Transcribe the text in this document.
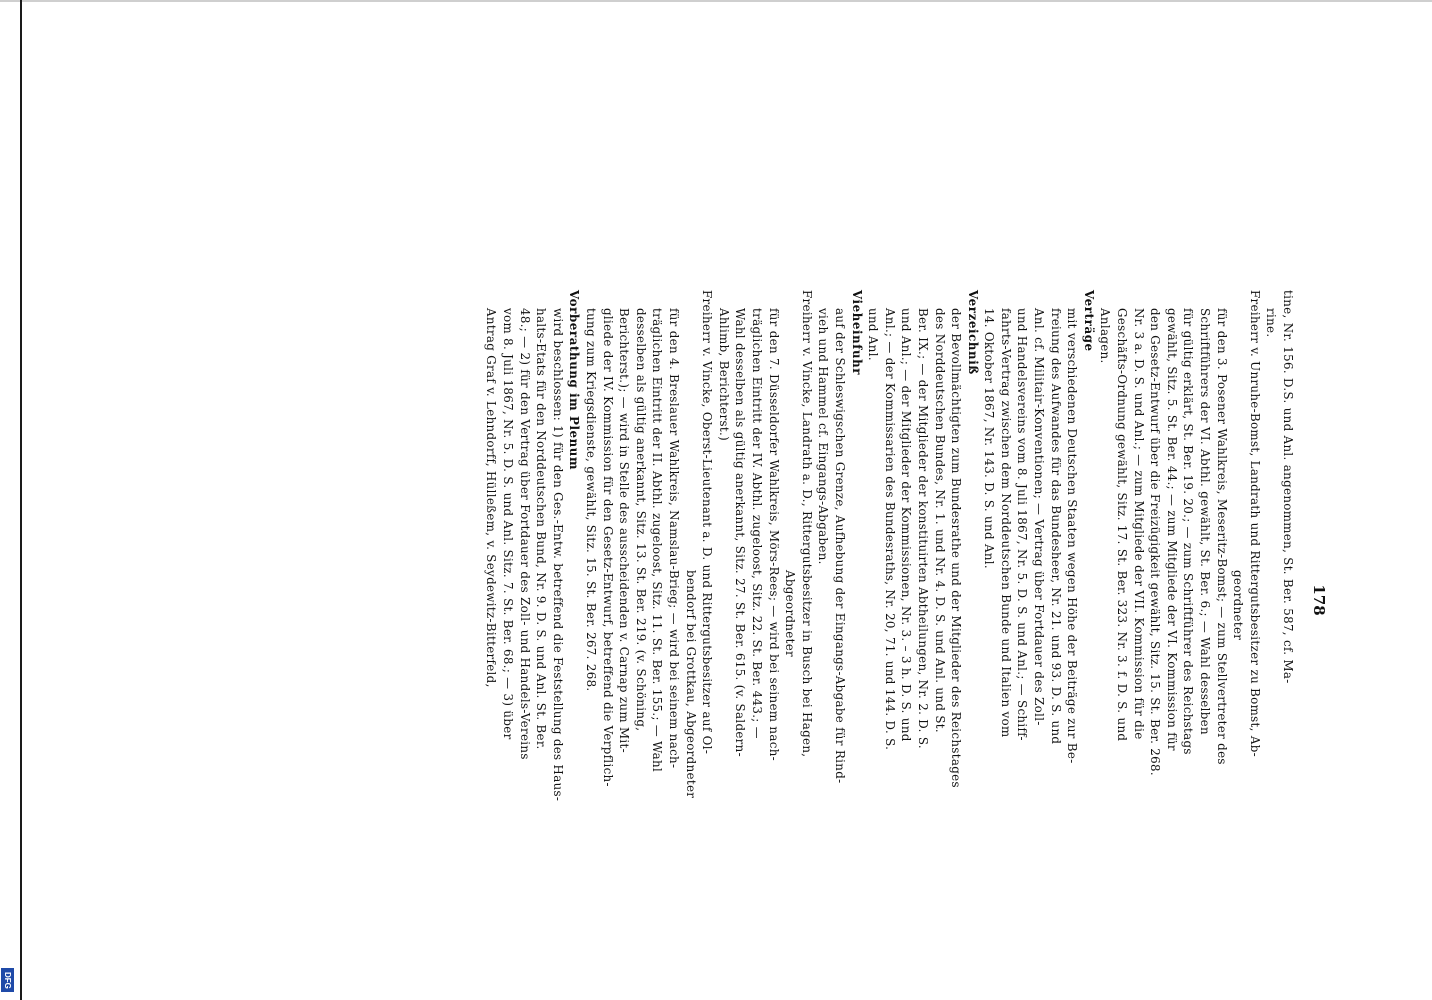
DFG
178
tine, Nr. 156. D.S. und Anl. angenommen, St. Ber. 587, cf. Ma-
rine.
Freiherr v. Unruhe-Bomst, Landrath und Rittergutsbesitzer zu Bomst, Ab-
geordneter
für den 3. Posener Wahlkreis, Meseritz-Bomst; — zum Stellvertreter des
Schriftführers der VI. Abthl. gewählt, St. Ber. 6.; — Wahl desselben
für gültig erklärt, St. Ber. 19. 20.; — zum Schriftführer des Reichstags
gewählt, Sitz. 5. St. Ber. 44.; — zum Mitgliede der VI. Kommission für
den Gesetz-Entwurf über die Freizügigkeit gewählt, Sitz. 15. St. Ber. 268.
Nr. 3 a. D. S. und Anl.; — zum Mitgliede der VII. Kommission für die
Geschäfts-Ordnung gewählt, Sitz. 17. St. Ber. 323. Nr. 3. f. D. S. und
Anlagen.
Verträge
mit verschiedenen Deutschen Staaten wegen Höhe der Beiträge zur Be-
freiung des Aufwandes für das Bundesheer, Nr. 21. und 93. D. S. und
Anl. cf. Militair-Konventionen; — Vertrag über Fortdauer des Zoll-
und Handelsvereins vom 8. Juli 1867, Nr. 5. D. S. und Anl.; — Schiff-
fahrts-Vertrag zwischen dem Norddeutschen Bunde und Italien vom
14. Oktober 1867, Nr. 143. D. S. und Anl.
Verzeichniß
der Bevollmächtigten zum Bundesrathe und der Mitglieder des Reichstages
des Norddeutschen Bundes, Nr. 1. und Nr. 4. D. S. und Anl. und St.
Ber. IX.; — der Mitglieder der konstituirten Abtheilungen, Nr. 2. D. S.
und Anl.; — der Mitglieder der Kommissionen, Nr. 3. – 3 h. D. S. und
Anl.; — der Kommissarien des Bundesraths, Nr. 20, 71. und 144. D. S.
und Anl.
Vieheinfuhr
auf der Schleswigschen Grenze, Aufhebung der Eingangs-Abgabe für Rind-
vieh und Hammel cf. Eingangs-Abgaben.
Freiherr v. Vincke, Landrath a. D., Rittergutsbesitzer in Busch bei Hagen,
Abgeordneter
für den 7. Düsseldorfer Wahlkreis, Mörs-Rees; — wird bei seinem nach-
träglichen Eintritt der IV. Abthl. zugeloost, Sitz. 22. St. Ber. 443.; —
Wahl desselben als gültig anerkannt, Sitz. 27. St. Ber. 615. (v. Saldern-
Ahlimb, Berichterst.)
Freiherr v. Vincke, Oberst-Lieutenant a. D. und Rittergutsbesitzer auf Ol-
bendorf bei Grottkau, Abgeordneter
für den 4. Breslauer Wahlkreis, Namslau-Brieg; — wird bei seinem nach-
träglichen Eintritt der II. Abthl. zugeloost, Sitz. 11. St. Ber. 155.; — Wahl
desselben als gültig anerkannt, Sitz. 13. St. Ber. 219. (v. Schöning,
Berichterst.); — wird in Stelle des ausscheidenden v. Carnap zum Mit-
gliede der IV. Kommission für den Gesetz-Entwurf, betreffend die Verpflich-
tung zum Kriegsdienste, gewählt, Sitz. 15. St. Ber. 267. 268.
Vorberathung im Plenum
wird beschlossen: 1) für den Ges.-Entw. betreffend die Feststellung des Haus-
halts-Etats für den Norddeutschen Bund, Nr. 9. D. S. und Anl. St. Ber.
48.; — 2) für den Vertrag über Fortdauer des Zoll- und Handels-Vereins
vom 8. Juli 1867, Nr. 5. D. S. und Anl. Sitz. 7. St. Ber. 68.; — 3) über
Antrag Graf v. Lehndorff, Hülleßem, v. Seydewitz-Bitterfeld,
